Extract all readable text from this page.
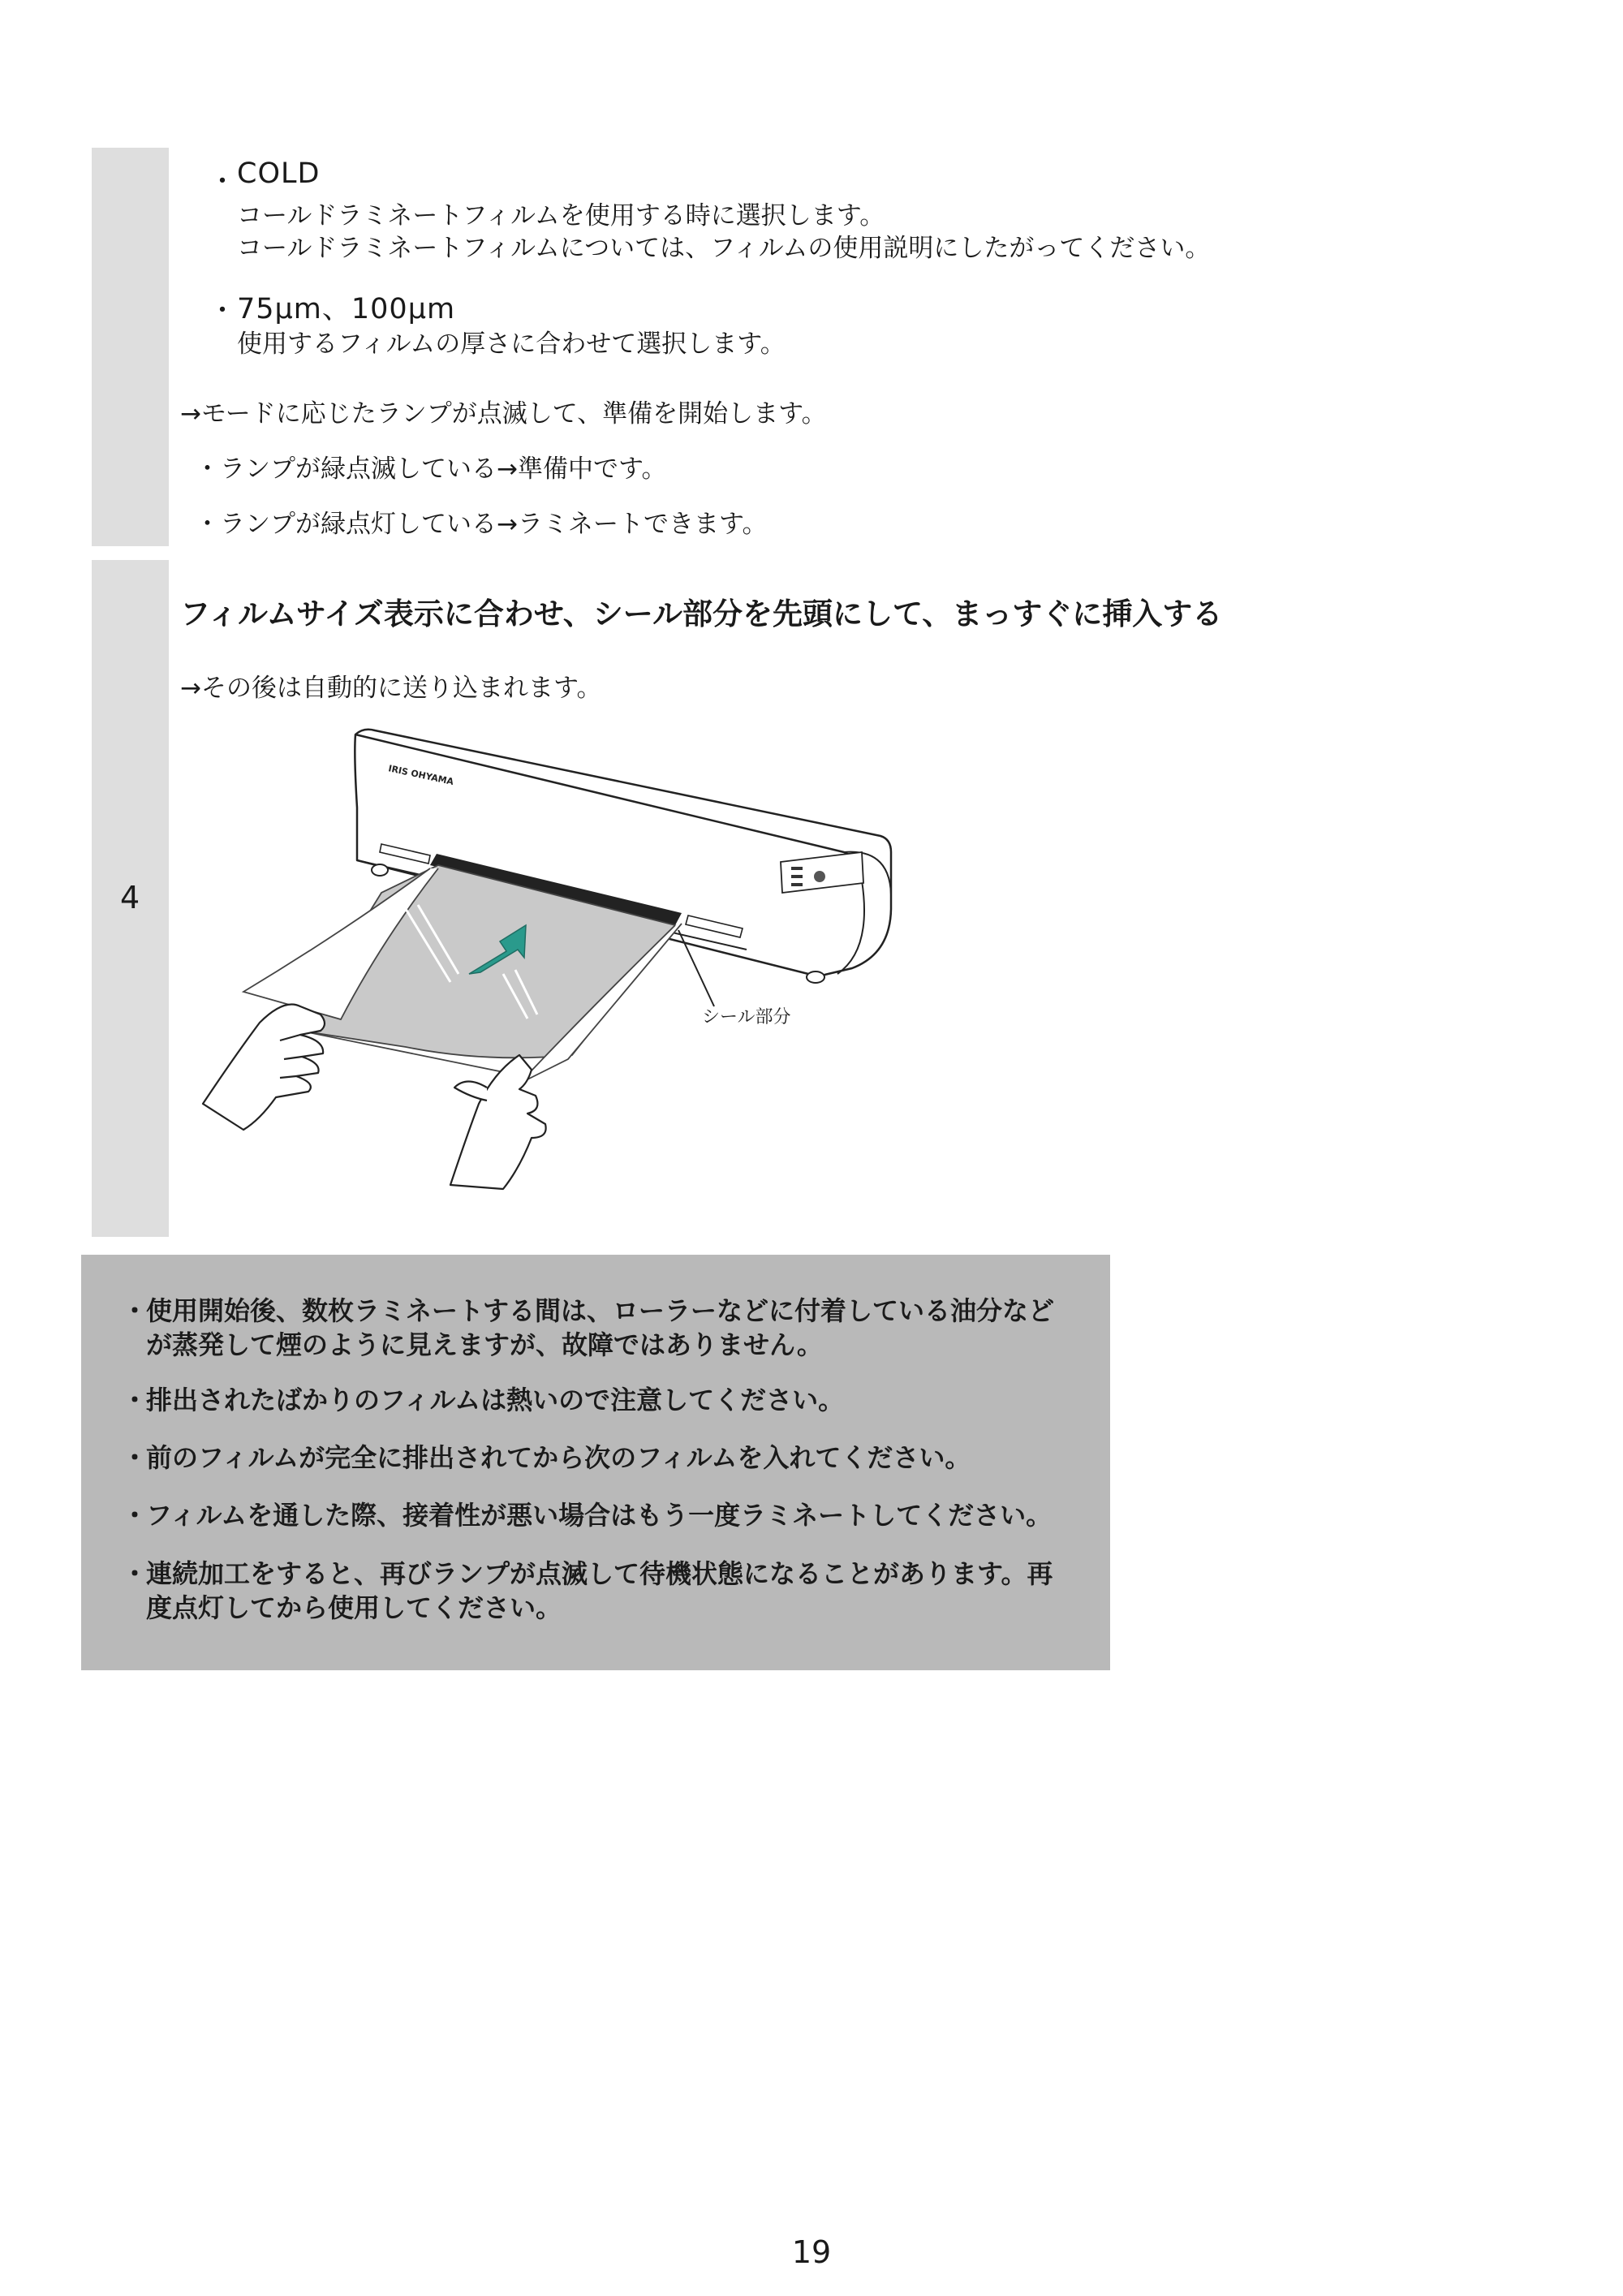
・ COLD
コールドラミネートフィルムを使用する時に選択します。
コールドラミネートフィルムについては、フィルムの使用説明にしたがってください。
・ 75μm、100μm
使用するフィルムの厚さに合わせて選択します。
→モードに応じたランプが点滅して、準備を開始します。
・ランプが緑点滅している→準備中です。
・ランプが緑点灯している→ラミネートできます。
4
フィルムサイズ表示に合わせ、シール部分を先頭にして、まっすぐに挿入する
→その後は自動的に送り込まれます。
IRIS OHYAMA
シール部分
・
使用開始後、数枚ラミネートする間は、ローラーなどに付着している油分など
が蒸発して煙のように見えますが、故障ではありません。
・
排出されたばかりのフィルムは熱いので注意してください。
・
前のフィルムが完全に排出されてから次のフィルムを入れてください。
・
フィルムを通した際、接着性が悪い場合はもう一度ラミネートしてください。
・
連続加工をすると、再びランプが点滅して待機状態になることがあります。再
度点灯してから使用してください。
19
